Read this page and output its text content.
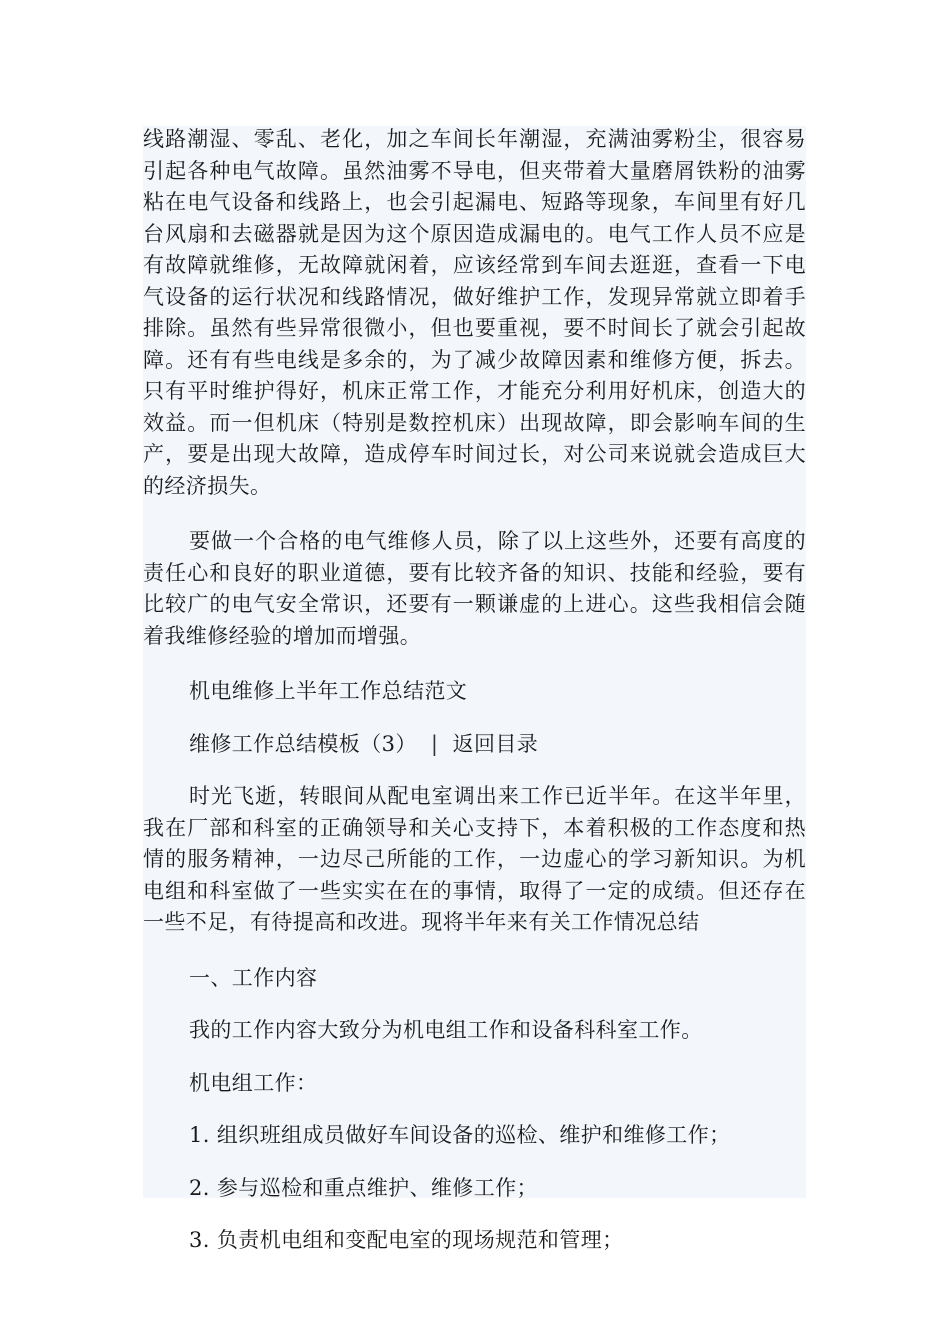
线路潮湿、零乱、老化，加之车间长年潮湿，充满油雾粉尘，很容易引起各种电气故障。虽然油雾不导电，但夹带着大量磨屑铁粉的油雾粘在电气设备和线路上，也会引起漏电、短路等现象，车间里有好几台风扇和去磁器就是因为这个原因造成漏电的。电气工作人员不应是有故障就维修，无故障就闲着，应该经常到车间去逛逛，查看一下电气设备的运行状况和线路情况，做好维护工作，发现异常就立即着手排除。虽然有些异常很微小，但也要重视，要不时间长了就会引起故障。还有有些电线是多余的，为了减少故障因素和维修方便，拆去。只有平时维护得好，机床正常工作，才能充分利用好机床，创造大的效益。而一但机床（特别是数控机床）出现故障，即会影响车间的生产，要是出现大故障，造成停车时间过长，对公司来说就会造成巨大的经济损失。

要做一个合格的电气维修人员，除了以上这些外，还要有高度的责任心和良好的职业道德，要有比较齐备的知识、技能和经验，要有比较广的电气安全常识，还要有一颗谦虚的上进心。这些我相信会随着我维修经验的增加而增强。

机电维修上半年工作总结范文
维修工作总结模板（3） | 返回目录

时光飞逝，转眼间从配电室调出来工作已近半年。在这半年里，我在厂部和科室的正确领导和关心支持下，本着积极的工作态度和热情的服务精神，一边尽己所能的工作，一边虚心的学习新知识。为机电组和科室做了一些实实在在的事情，取得了一定的成绩。但还存在一些不足，有待提高和改进。现将半年来有关工作情况总结

一、工作内容
我的工作内容大致分为机电组工作和设备科科室工作。
机电组工作：
1. 组织班组成员做好车间设备的巡检、维护和维修工作；
2. 参与巡检和重点维护、维修工作；
3. 负责机电组和变配电室的现场规范和管理；
